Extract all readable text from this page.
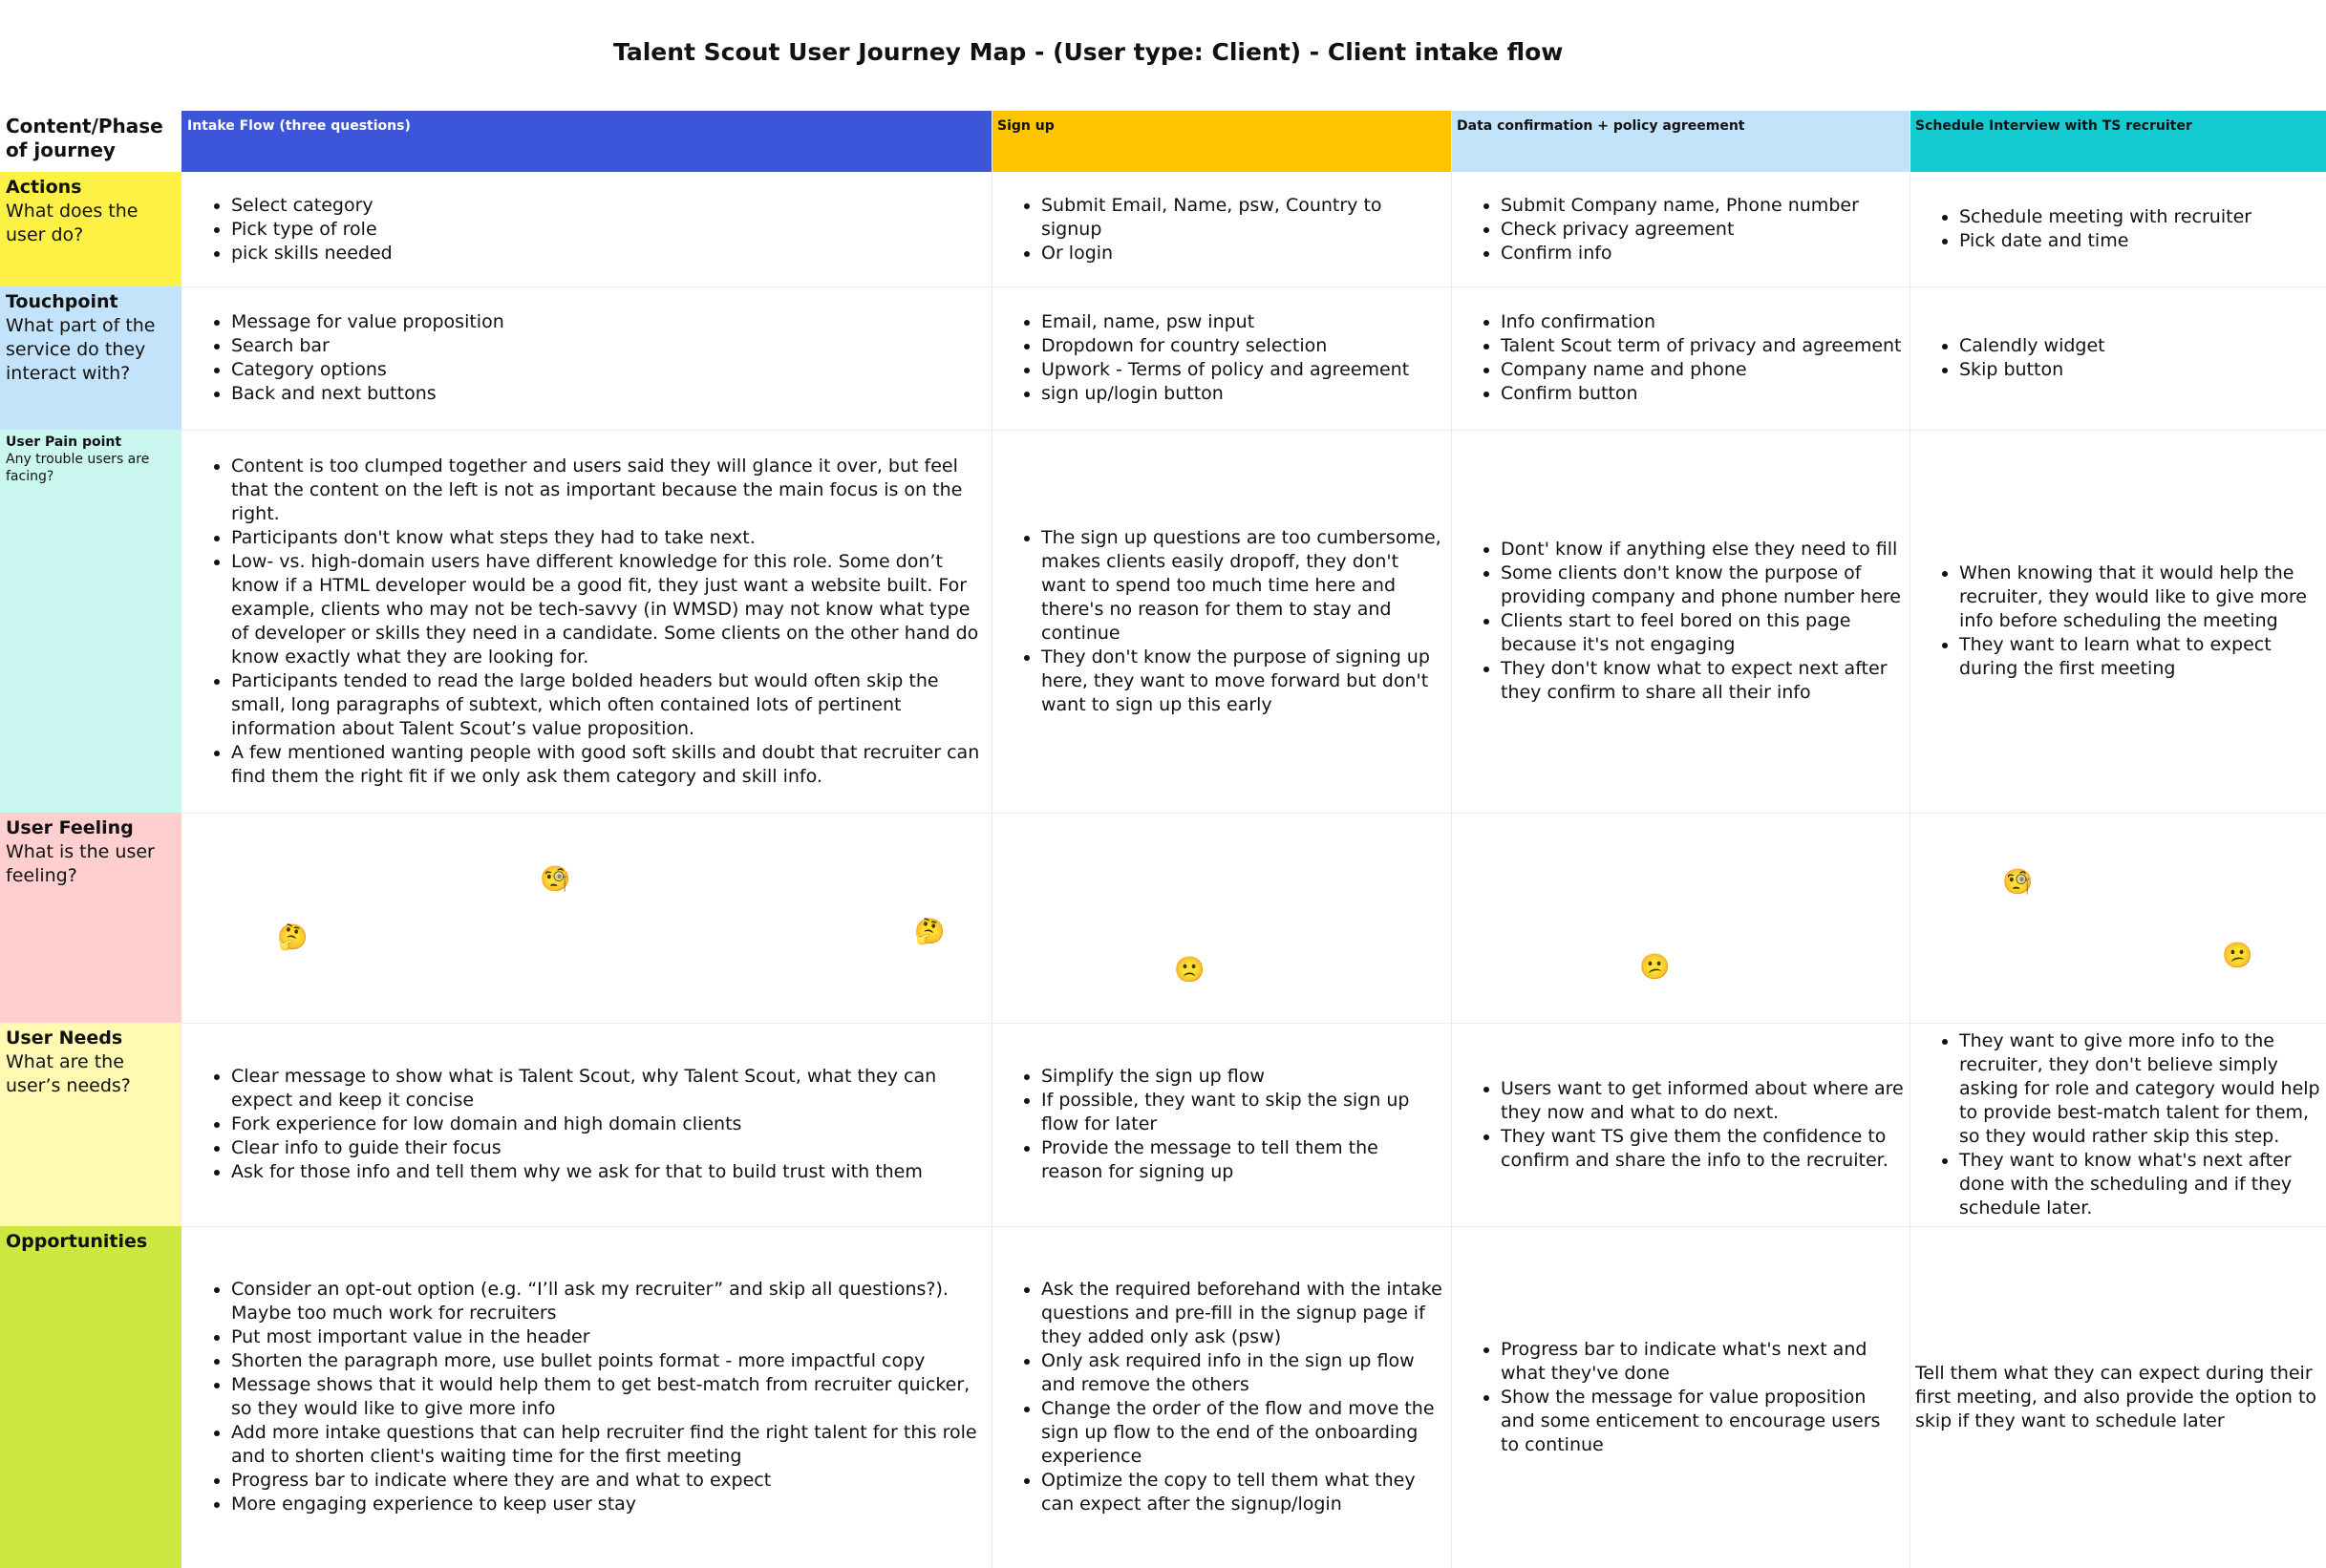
Talent Scout User Journey Map - (User type: Client) - Client intake flow
Content/Phase of journey
Intake Flow (three questions)	Sign up	Data confirmation + policy agreement	Schedule Interview with TS recruiter
Actions
What does the user do?
• Select category
• Pick type of role
• pick skills needed
• Submit Email, Name, psw, Country to signup
• Or login
• Submit Company name, Phone number
• Check privacy agreement
• Confirm info
• Schedule meeting with recruiter
• Pick date and time
Touchpoint
What part of the service do they interact with?
• Message for value proposition
• Search bar
• Category options
• Back and next buttons
• Email, name, psw input
• Dropdown for country selection
• Upwork - Terms of policy and agreement
• sign up/login button
• Info confirmation
• Talent Scout term of privacy and agreement
• Company name and phone
• Confirm button
• Calendly widget
• Skip button
User Pain point
Any trouble users are facing?
• Content is too clumped together and users said they will glance it over, but feel that the content on the left is not as important because the main focus is on the right.
• Participants don't know what steps they had to take next.
• Low- vs. high-domain users have different knowledge for this role. Some don’t know if a HTML developer would be a good fit, they just want a website built. For example, clients who may not be tech-savvy (in WMSD) may not know what type of developer or skills they need in a candidate. Some clients on the other hand do know exactly what they are looking for.
• Participants tended to read the large bolded headers but would often skip the small, long paragraphs of subtext, which often contained lots of pertinent information about Talent Scout’s value proposition.
• A few mentioned wanting people with good soft skills and doubt that recruiter can find them the right fit if we only ask them category and skill info.
• The sign up questions are too cumbersome, makes clients easily dropoff, they don't want to spend too much time here and there's no reason for them to stay and continue
• They don't know the purpose of signing up here, they want to move forward but don't want to sign up this early
• Dont' know if anything else they need to fill
• Some clients don't know the purpose of providing company and phone number here
• Clients start to feel bored on this page because it's not engaging
• They don't know what to expect next after they confirm to share all their info
• When knowing that it would help the recruiter, they would like to give more info before scheduling the meeting
• They want to learn what to expect during the first meeting
User Feeling
What is the user feeling?	🧐
🤔	🤔
🙁	😕
🧐
😕
User Needs
What are the user’s needs?
•	Clear message to show what is Talent Scout, why Talent Scout, what they can expect and keep it concise
• Fork experience for low domain and high domain clients
• Clear info to guide their focus
• Ask for those info and tell them why we ask for that to build trust with them
• Simplify the sign up flow
• If possible, they want to skip the sign up flow for later
• Provide the message to tell them the reason for signing up
• Users want to get informed about where are they now and what to do next.
• They want TS give them the confidence to confirm and share the info to the recruiter.
• They want to give more info to the recruiter, they don't believe simply asking for role and category would help to provide best-match talent for them, so they would rather skip this step.
• They want to know what's next after done with the scheduling and if they schedule later.
Opportunities
• Consider an opt-out option (e.g. “I’ll ask my recruiter” and skip all questions?). Maybe too much work for recruiters
• Put most important value in the header
• Shorten the paragraph more, use bullet points format - more impactful copy
• Message shows that it would help them to get best-match from recruiter quicker, so they would like to give more info
• Add more intake questions that can help recruiter find the right talent for this role and to shorten client's waiting time for the first meeting
• Progress bar to indicate where they are and what to expect
• More engaging experience to keep user stay
• Ask the required beforehand with the intake questions and pre-fill in the signup page if they added only ask (psw)
• Only ask required info in the sign up flow and remove the others
• Change the order of the flow and move the sign up flow to the end of the onboarding experience
• Optimize the copy to tell them what they can expect after the signup/login
• Progress bar to indicate what's next and what they've done
• Show the message for value proposition and some enticement to encourage users to continue
Tell them what they can expect during their first meeting, and also provide the option to skip if they want to schedule later
